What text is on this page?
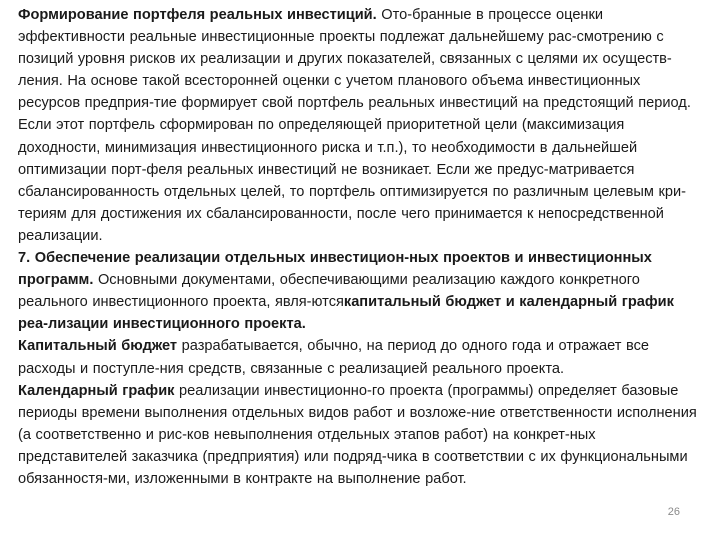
Формирование портфеля реальных инвестиций. Ото-бранные в процессе оценки эффективности реальные инвестиционные проекты подлежат дальнейшему рас-смотрению с позиций уровня рисков их реализации и других показателей, связанных с целями их осуществ-ления. На основе такой всесторонней оценки с учетом планового объема инвестиционных ресурсов предприя-тие формирует свой портфель реальных инвестиций на предстоящий период. Если этот портфель сформирован по определяющей приоритетной цели (максимизация доходности, минимизация инвестиционного риска и т.п.), то необходимости в дальнейшей оптимизации порт-феля реальных инвестиций не возникает. Если же предус-матривается сбалансированность отдельных целей, то портфель оптимизируется по различным целевым кри-териям для достижения их сбалансированности, после чего принимается к непосредственной реализации.

7. Обеспечение реализации отдельных инвестицион-ных проектов и инвестиционных программ. Основными документами, обеспечивающими реализацию каждого конкретного реального инвестиционного проекта, явля-ютсякапитальный бюджет и календарный график реа-лизации инвестиционного проекта.

Капитальный бюджет разрабатывается, обычно, на период до одного года и отражает все расходы и поступле-ния средств, связанные с реализацией реального проекта.

Календарный график реализации инвестиционно-го проекта (программы) определяет базовые периоды времени выполнения отдельных видов работ и возложе-ние ответственности исполнения (а соответственно и рис-ков невыполнения отдельных этапов работ) на конкрет-ных представителей заказчика (предприятия) или подряд-чика в соответствии с их функциональными обязанностя-ми, изложенными в контракте на выполнение работ.

26
